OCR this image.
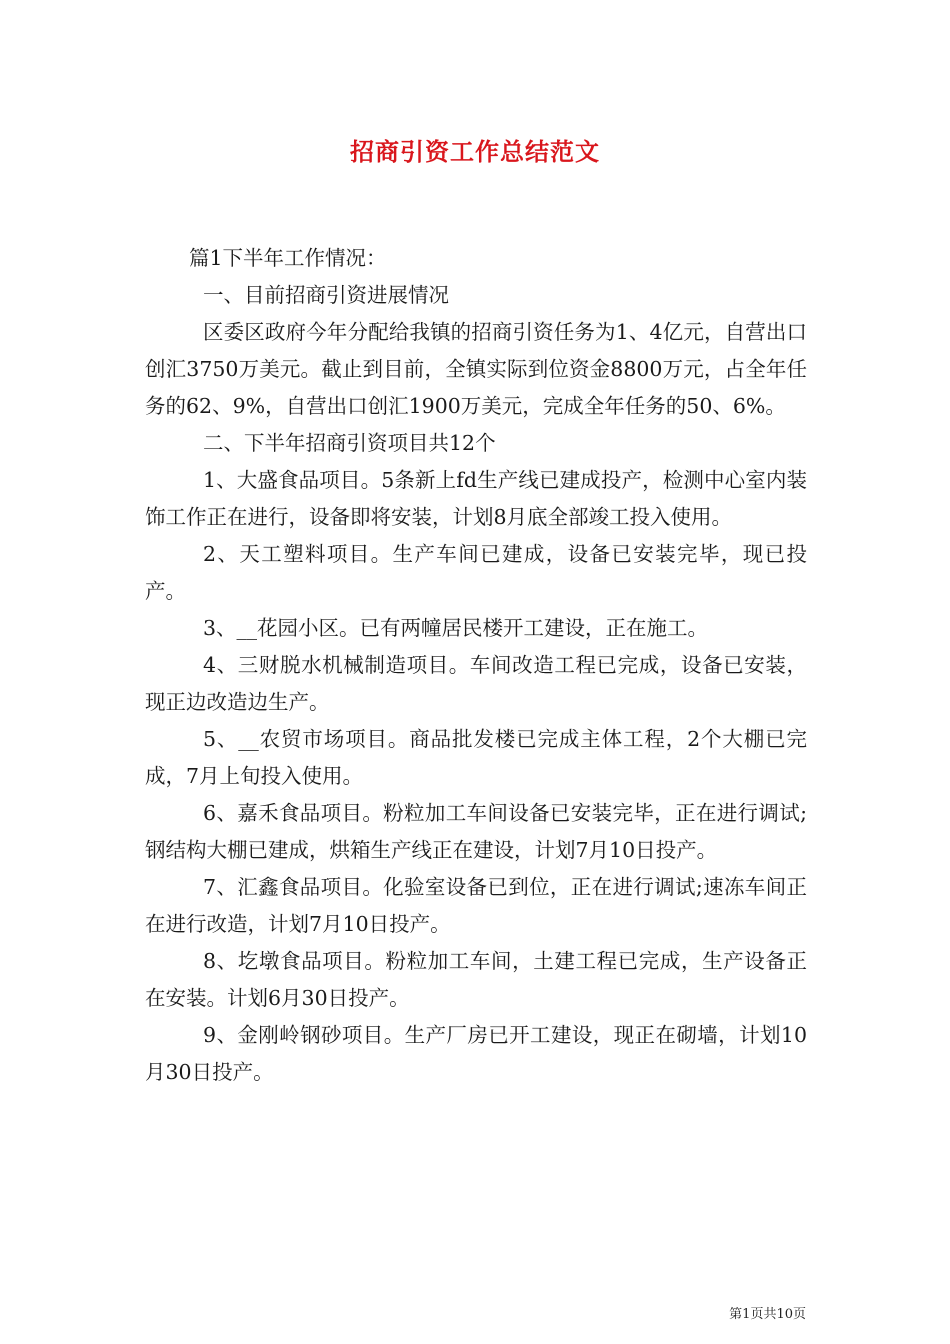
招商引资工作总结范文

篇1下半年工作情况：

一、目前招商引资进展情况

区委区政府今年分配给我镇的招商引资任务为1、4亿元，自营出口创汇3750万美元。截止到目前，全镇实际到位资金8800万元，占全年任务的62、9%，自营出口创汇1900万美元，完成全年任务的50、6%。

二、下半年招商引资项目共12个

1、大盛食品项目。5条新上fd生产线已建成投产，检测中心室内装饰工作正在进行，设备即将安装，计划8月底全部竣工投入使用。

2、天工塑料项目。生产车间已建成，设备已安装完毕，现已投产。

3、__花园小区。已有两幢居民楼开工建设，正在施工。

4、三财脱水机械制造项目。车间改造工程已完成，设备已安装，现正边改造边生产。

5、__农贸市场项目。商品批发楼已完成主体工程，2个大棚已完成，7月上旬投入使用。

6、嘉禾食品项目。粉粒加工车间设备已安装完毕，正在进行调试;钢结构大棚已建成，烘箱生产线正在建设，计划7月10日投产。

7、汇鑫食品项目。化验室设备已到位，正在进行调试;速冻车间正在进行改造，计划7月10日投产。

8、圪墩食品项目。粉粒加工车间，土建工程已完成，生产设备正在安装。计划6月30日投产。

9、金刚岭钢砂项目。生产厂房已开工建设，现正在砌墙，计划10月30日投产。

第1页共10页
